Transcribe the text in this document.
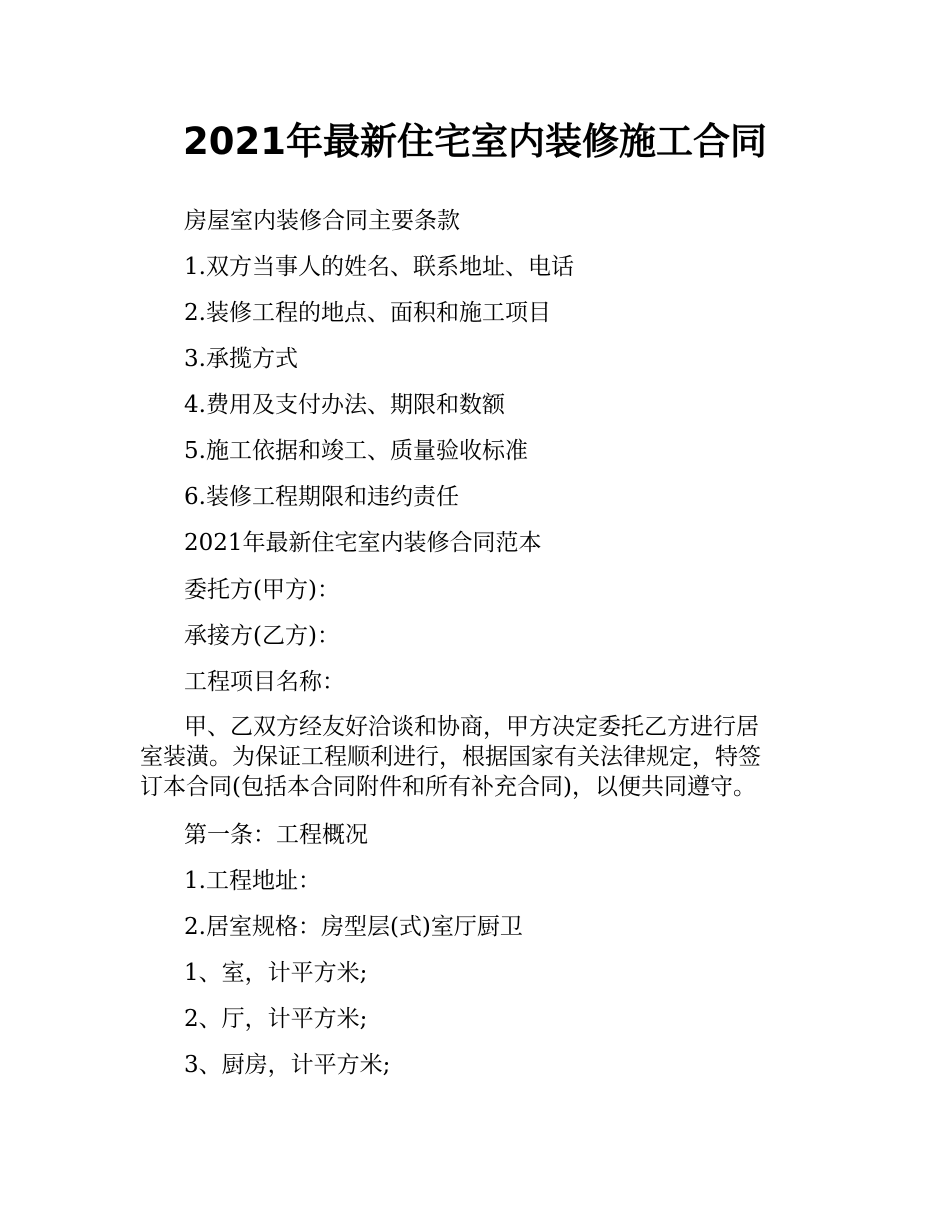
2021年最新住宅室内装修施工合同
房屋室内装修合同主要条款
1.双方当事人的姓名、联系地址、电话
2.装修工程的地点、面积和施工项目
3.承揽方式
4.费用及支付办法、期限和数额
5.施工依据和竣工、质量验收标准
6.装修工程期限和违约责任
2021年最新住宅室内装修合同范本
委托方(甲方)：
承接方(乙方)：
工程项目名称：
甲、乙双方经友好洽谈和协商，甲方决定委托乙方进行居
室装潢。为保证工程顺利进行，根据国家有关法律规定，特签
订本合同(包括本合同附件和所有补充合同)，以便共同遵守。
第一条：工程概况
1.工程地址：
2.居室规格：房型层(式)室厅厨卫
1、室，计平方米;
2、厅，计平方米;
3、厨房，计平方米;
